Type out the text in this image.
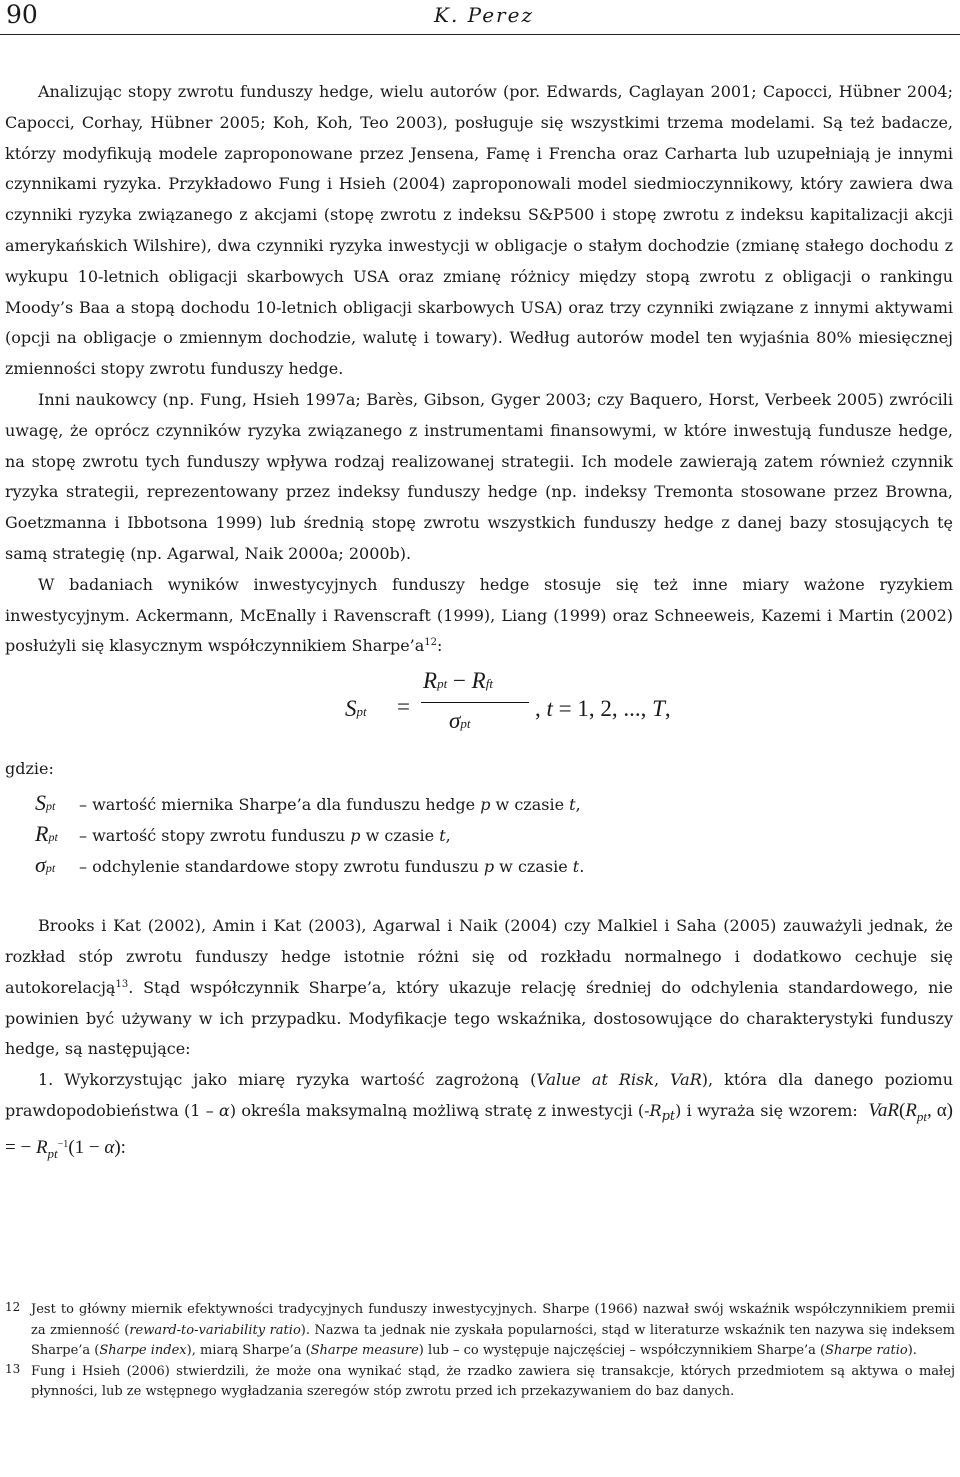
90	K. Perez

Analizując stopy zwrotu funduszy hedge, wielu autorów (por. Edwards, Caglayan 2001; Capocci, Hübner 2004; Capocci, Corhay, Hübner 2005; Koh, Koh, Teo 2003), posługuje się wszystkimi trzema modelami. Są też badacze, którzy modyfikują modele zaproponowane przez Jensena, Famę i Frencha oraz Carharta lub uzupełniają je innymi czynnikami ryzyka. Przykładowo Fung i Hsieh (2004) zaproponowali model siedmioczynnikowy, który zawiera dwa czynniki ryzyka związanego z akcjami (stopę zwrotu z indeksu S&P500 i stopę zwrotu z indeksu kapitalizacji akcji amerykańskich Wilshire), dwa czynniki ryzyka inwestycji w obligacje o stałym dochodzie (zmianę stałego dochodu z wykupu 10-letnich obligacji skarbowych USA oraz zmianę różnicy między stopą zwrotu z obligacji o rankingu Moody’s Baa a stopą dochodu 10-letnich obligacji skarbowych USA) oraz trzy czynniki związane z innymi aktywami (opcji na obligacje o zmiennym dochodzie, walutę i towary). Według autorów model ten wyjaśnia 80% miesięcznej zmienności stopy zwrotu funduszy hedge.

Inni naukowcy (np. Fung, Hsieh 1997a; Barès, Gibson, Gyger 2003; czy Baquero, Horst, Verbeek 2005) zwrócili uwagę, że oprócz czynników ryzyka związanego z instrumentami finansowymi, w które inwestują fundusze hedge, na stopę zwrotu tych funduszy wpływa rodzaj realizowanej strategii. Ich modele zawierają zatem również czynnik ryzyka strategii, reprezentowany przez indeksy funduszy hedge (np. indeksy Tremonta stosowane przez Browna, Goetzmanna i Ibbotsona 1999) lub średnią stopę zwrotu wszystkich funduszy hedge z danej bazy stosujących tę samą strategię (np. Agarwal, Naik 2000a; 2000b).

W badaniach wyników inwestycyjnych funduszy hedge stosuje się też inne miary ważone ryzykiem inwestycyjnym. Ackermann, McEnally i Ravenscraft (1999), Liang (1999) oraz Schneeweis, Kazemi i Martin (2002) posłużyli się klasycznym współczynnikiem $Sharpe’a^{12}$:

Spt =
Rpt − Rft
σpt
, t = 1, 2, ..., T,
gdzie:
Spt	– wartość miernika Sharpe’a dla funduszu hedge p w czasie t,
Rpt	– wartość stopy zwrotu funduszu p w czasie t,
σpt	– odchylenie standardowe stopy zwrotu funduszu p w czasie t.

Brooks i Kat (2002), Amin i Kat (2003), Agarwal i Naik (2004) czy Malkiel i Saha (2005) zauważyli jednak, że rozkład stóp zwrotu funduszy hedge istotnie różni się od rozkładu normalnego i dodatkowo cechuje się autokorelacją$^{13}$. Stąd współczynnik Sharpe’a, który ukazuje relację średniej do odchylenia standardowego, nie powinien być używany w ich przypadku. Modyfikacje tego wskaźnika, dostosowujące do charakterystyki funduszy hedge, są następujące:

1. Wykorzystując jako miarę ryzyka wartość zagrożoną (Value at Risk, VaR), która dla danego poziomu prawdopodobieństwa (1 – α) określa maksymalną możliwą stratę z inwestycji $(-R_{pt})$ i wyraża się wzorem: $VaR(R_{pt}$, α) = − $R_{pt}^{-1}(1 - \alpha)$:

12 Jest to główny miernik efektywności tradycyjnych funduszy inwestycyjnych. Sharpe (1966) nazwał swój wskaźnik współczynnikiem premii za zmienność (reward-to-variability ratio). Nazwa ta jednak nie zyskała popularności, stąd w literaturze wskaźnik ten nazywa się indeksem Sharpe’a (Sharpe index), miarą Sharpe’a (Sharpe measure) lub – co występuje najczęściej – współczynnikiem Sharpe’a (Sharpe ratio).
13 Fung i Hsieh (2006) stwierdzili, że może ona wynikać stąd, że rzadko zawiera się transakcje, których przedmiotem są aktywa o małej płynności, lub ze wstępnego wygładzania szeregów stóp zwrotu przed ich przekazywaniem do baz danych.
